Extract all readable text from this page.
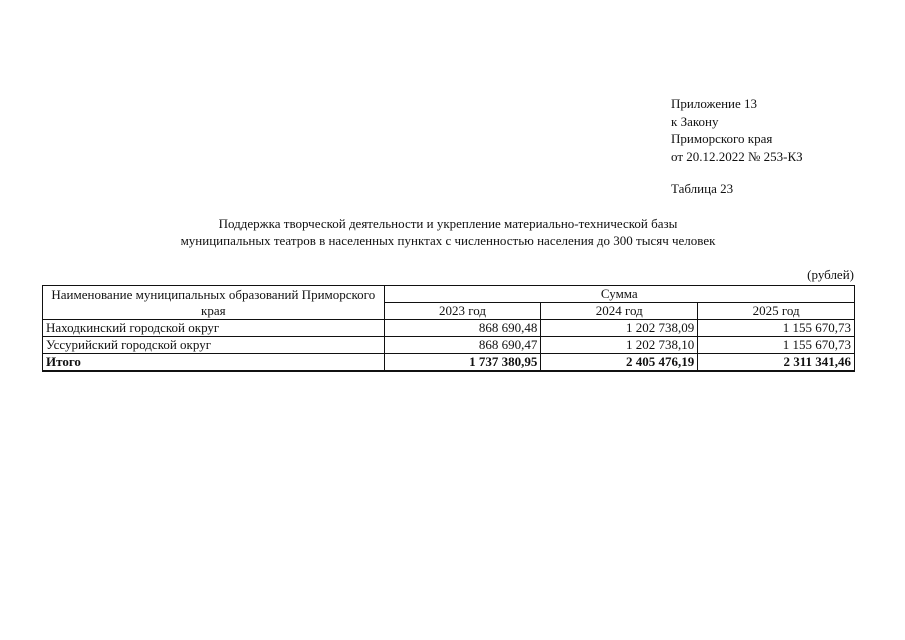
Приложение 13
к Закону
Приморского края
от 20.12.2022 № 253-КЗ
Таблица 23
Поддержка творческой деятельности и укрепление материально-технической базы
муниципальных театров в населенных пунктах с численностью населения до 300 тысяч человек
(рублей)
Наименование муниципальных образований Приморского края	Сумма		
	2023 год	2024 год	2025 год
Находкинский городской округ	868 690,48	1 202 738,09	1 155 670,73
Уссурийский городской округ	868 690,47	1 202 738,10	1 155 670,73
Итого	1 737 380,95	2 405 476,19	2 311 341,46
